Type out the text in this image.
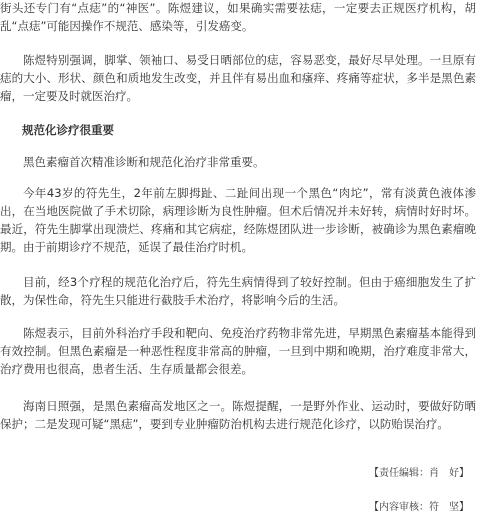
街头还专门有“点痣”的“神医”。陈煜建议，如果确实需要祛痣，一定要去正规医疗机构，胡乱“点痣”可能因操作不规范、感染等，引发癌变。

陈煜特别强调，脚掌、领袖口、易受日晒部位的痣，容易恶变，最好尽早处理。一旦原有痣的大小、形状、颜色和质地发生改变，并且伴有易出血和瘙痒、疼痛等症状，多半是黑色素瘤，一定要及时就医治疗。

规范化诊疗很重要

黑色素瘤首次精准诊断和规范化治疗非常重要。

今年43岁的符先生，2年前左脚拇趾、二趾间出现一个黑色“肉坨”，常有淡黄色液体渗出，在当地医院做了手术切除，病理诊断为良性肿瘤。但术后情况并未好转，病情时好时坏。最近，符先生脚掌出现溃烂、疼痛和其它病症，经陈煜团队进一步诊断，被确诊为黑色素瘤晚期。由于前期诊疗不规范，延误了最佳治疗时机。

目前，经3个疗程的规范化治疗后，符先生病情得到了较好控制。但由于癌细胞发生了扩散，为保性命，符先生只能进行截肢手术治疗，将影响今后的生活。

陈煜表示，目前外科治疗手段和靶向、免疫治疗药物非常先进，早期黑色素瘤基本能得到有效控制。但黑色素瘤是一种恶性程度非常高的肿瘤，一旦到中期和晚期，治疗难度非常大，治疗费用也很高，患者生活、生存质量都会很差。

海南日照强，是黑色素瘤高发地区之一。陈煜提醒，一是野外作业、运动时，要做好防晒保护；二是发现可疑“黑痣”，要到专业肿瘤防治机构去进行规范化诊疗，以防贻误治疗。

【责任编辑：肖　好】

【内容审核：符　坚】
